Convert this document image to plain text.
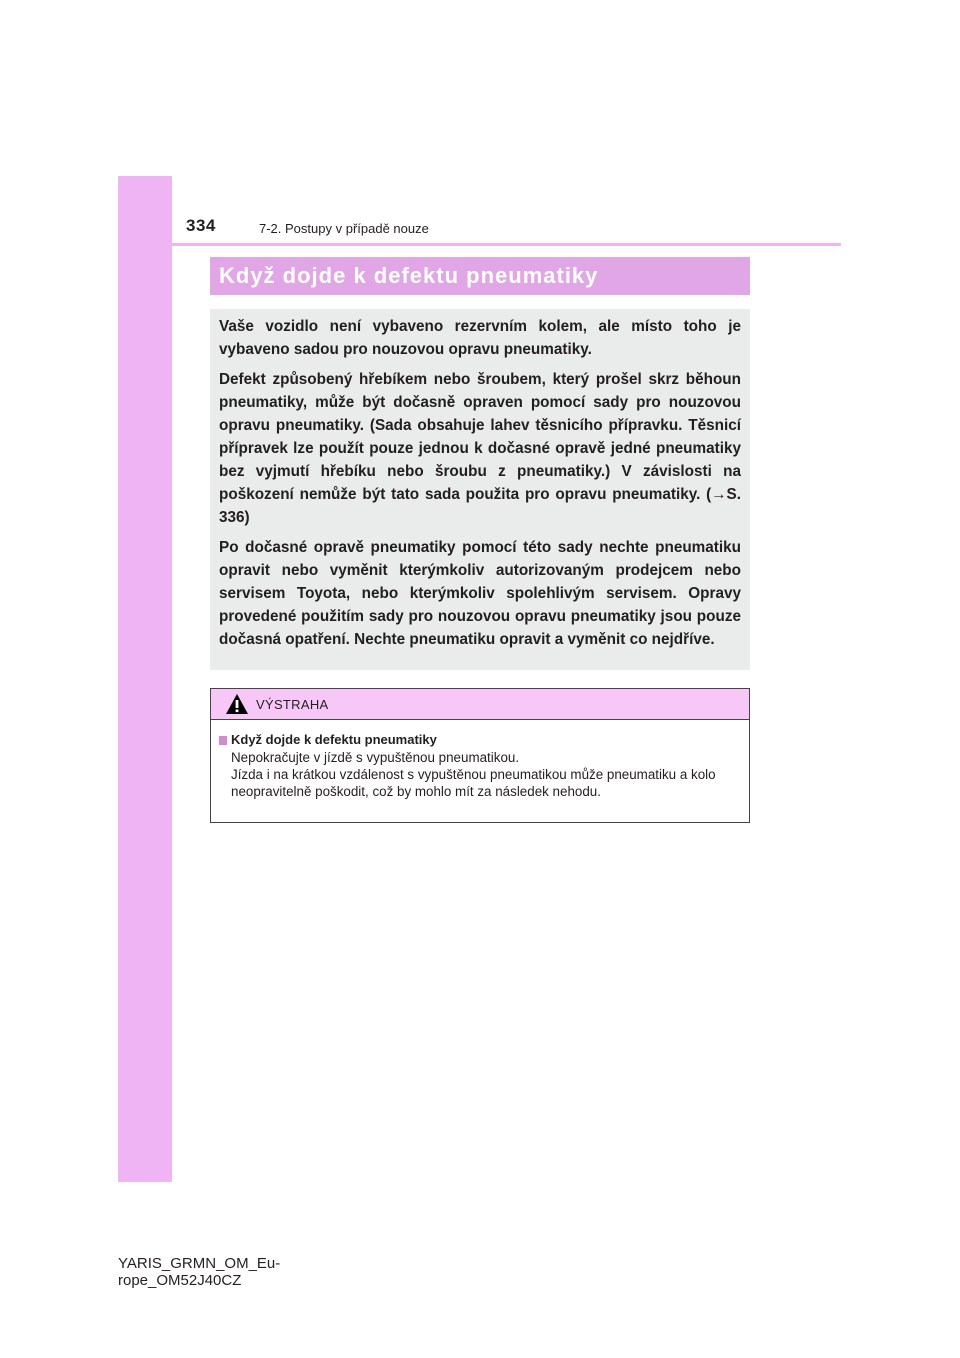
334	7-2. Postupy v případě nouze
Když dojde k defektu pneumatiky

Vaše vozidlo není vybaveno rezervním kolem, ale místo toho je vybaveno sadou pro nouzovou opravu pneumatiky.

Defekt způsobený hřebíkem nebo šroubem, který prošel skrz běhoun pneumatiky, může být dočasně opraven pomocí sady pro nouzovou opravu pneumatiky. (Sada obsahuje lahev těsnicího přípravku. Těsnicí přípravek lze použít pouze jednou k dočasné opravě jedné pneumatiky bez vyjmutí hřebíku nebo šroubu z pneumatiky.) V závislosti na poškození nemůže být tato sada použita pro opravu pneumatiky. (→S. 336)

Po dočasné opravě pneumatiky pomocí této sady nechte pneumatiku opravit nebo vyměnit kterýmkoliv autorizovaným prodejcem nebo servisem Toyota, nebo kterýmkoliv spolehlivým servisem. Opravy provedené použitím sady pro nouzovou opravu pneumatiky jsou pouze dočasná opatření. Nechte pneumatiku opravit a vyměnit co nejdříve.

VÝSTRAHA
Když dojde k defektu pneumatiky

Nepokračujte v jízdě s vypuštěnou pneumatikou.

Jízda i na krátkou vzdálenost s vypuštěnou pneumatikou může pneumatiku a kolo neopravitelně poškodit, což by mohlo mít za následek nehodu.

YARIS_GRMN_OM_Eu-
rope_OM52J40CZ
